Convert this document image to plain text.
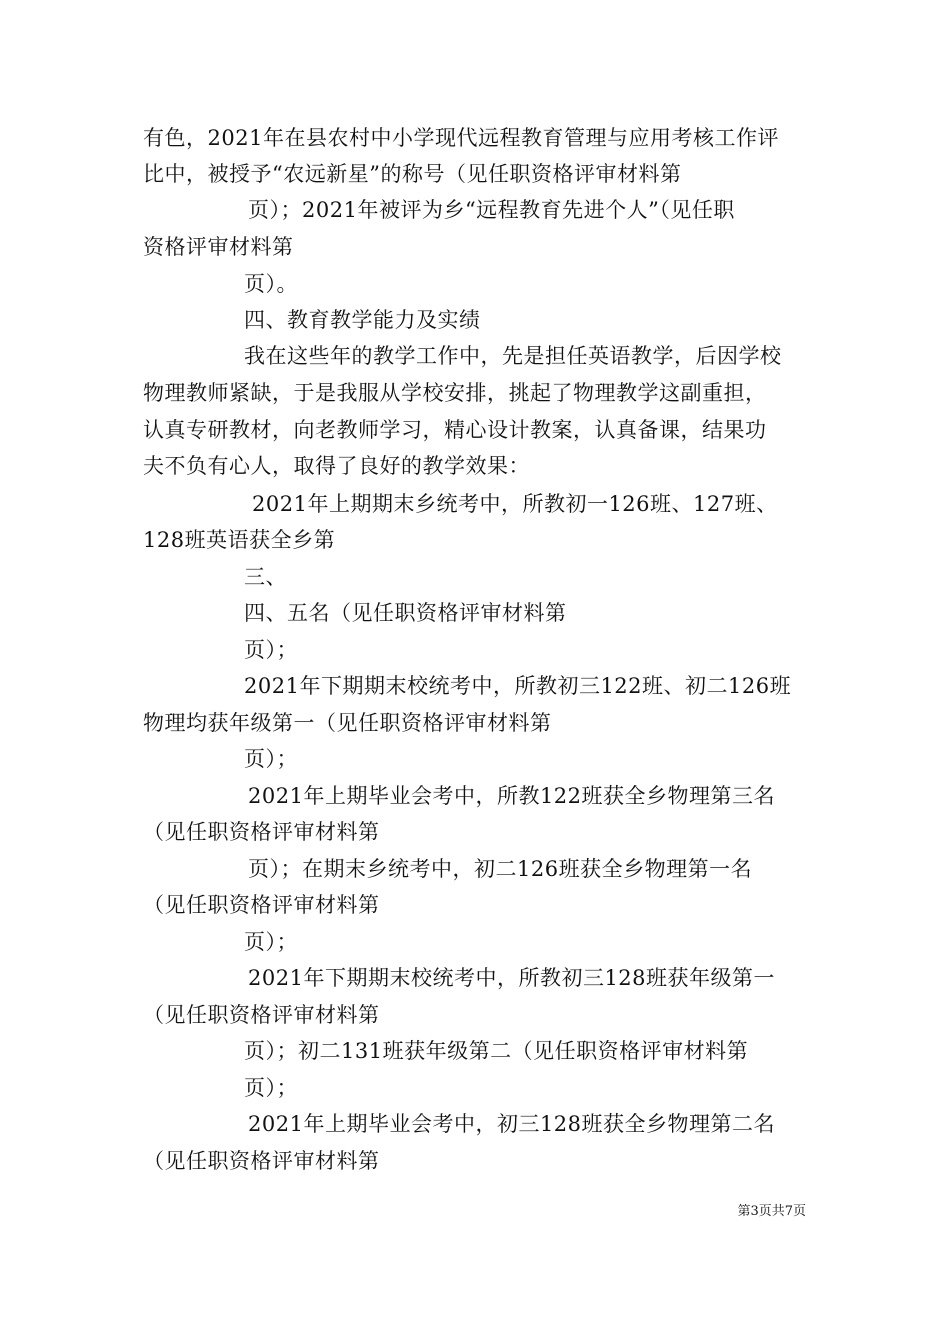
有色，2021年在县农村中小学现代远程教育管理与应用考核工作评
比中，被授予“农远新星”的称号（见任职资格评审材料第
页）；2021年被评为乡“远程教育先进个人”（见任职
资格评审材料第
页）。
四、教育教学能力及实绩
我在这些年的教学工作中，先是担任英语教学，后因学校
物理教师紧缺，于是我服从学校安排，挑起了物理教学这副重担，
认真专研教材，向老教师学习，精心设计教案，认真备课，结果功
夫不负有心人，取得了良好的教学效果：
2021年上期期末乡统考中，所教初一126班、127班、
128班英语获全乡第
三、
四、五名（见任职资格评审材料第
页）；
2021年下期期末校统考中，所教初三122班、初二126班
物理均获年级第一（见任职资格评审材料第
页）；
2021年上期毕业会考中，所教122班获全乡物理第三名
（见任职资格评审材料第
页）；在期末乡统考中，初二126班获全乡物理第一名
（见任职资格评审材料第
页）；
2021年下期期末校统考中，所教初三128班获年级第一
（见任职资格评审材料第
页）；初二131班获年级第二（见任职资格评审材料第
页）；
2021年上期毕业会考中，初三128班获全乡物理第二名
（见任职资格评审材料第
第3页共7页
